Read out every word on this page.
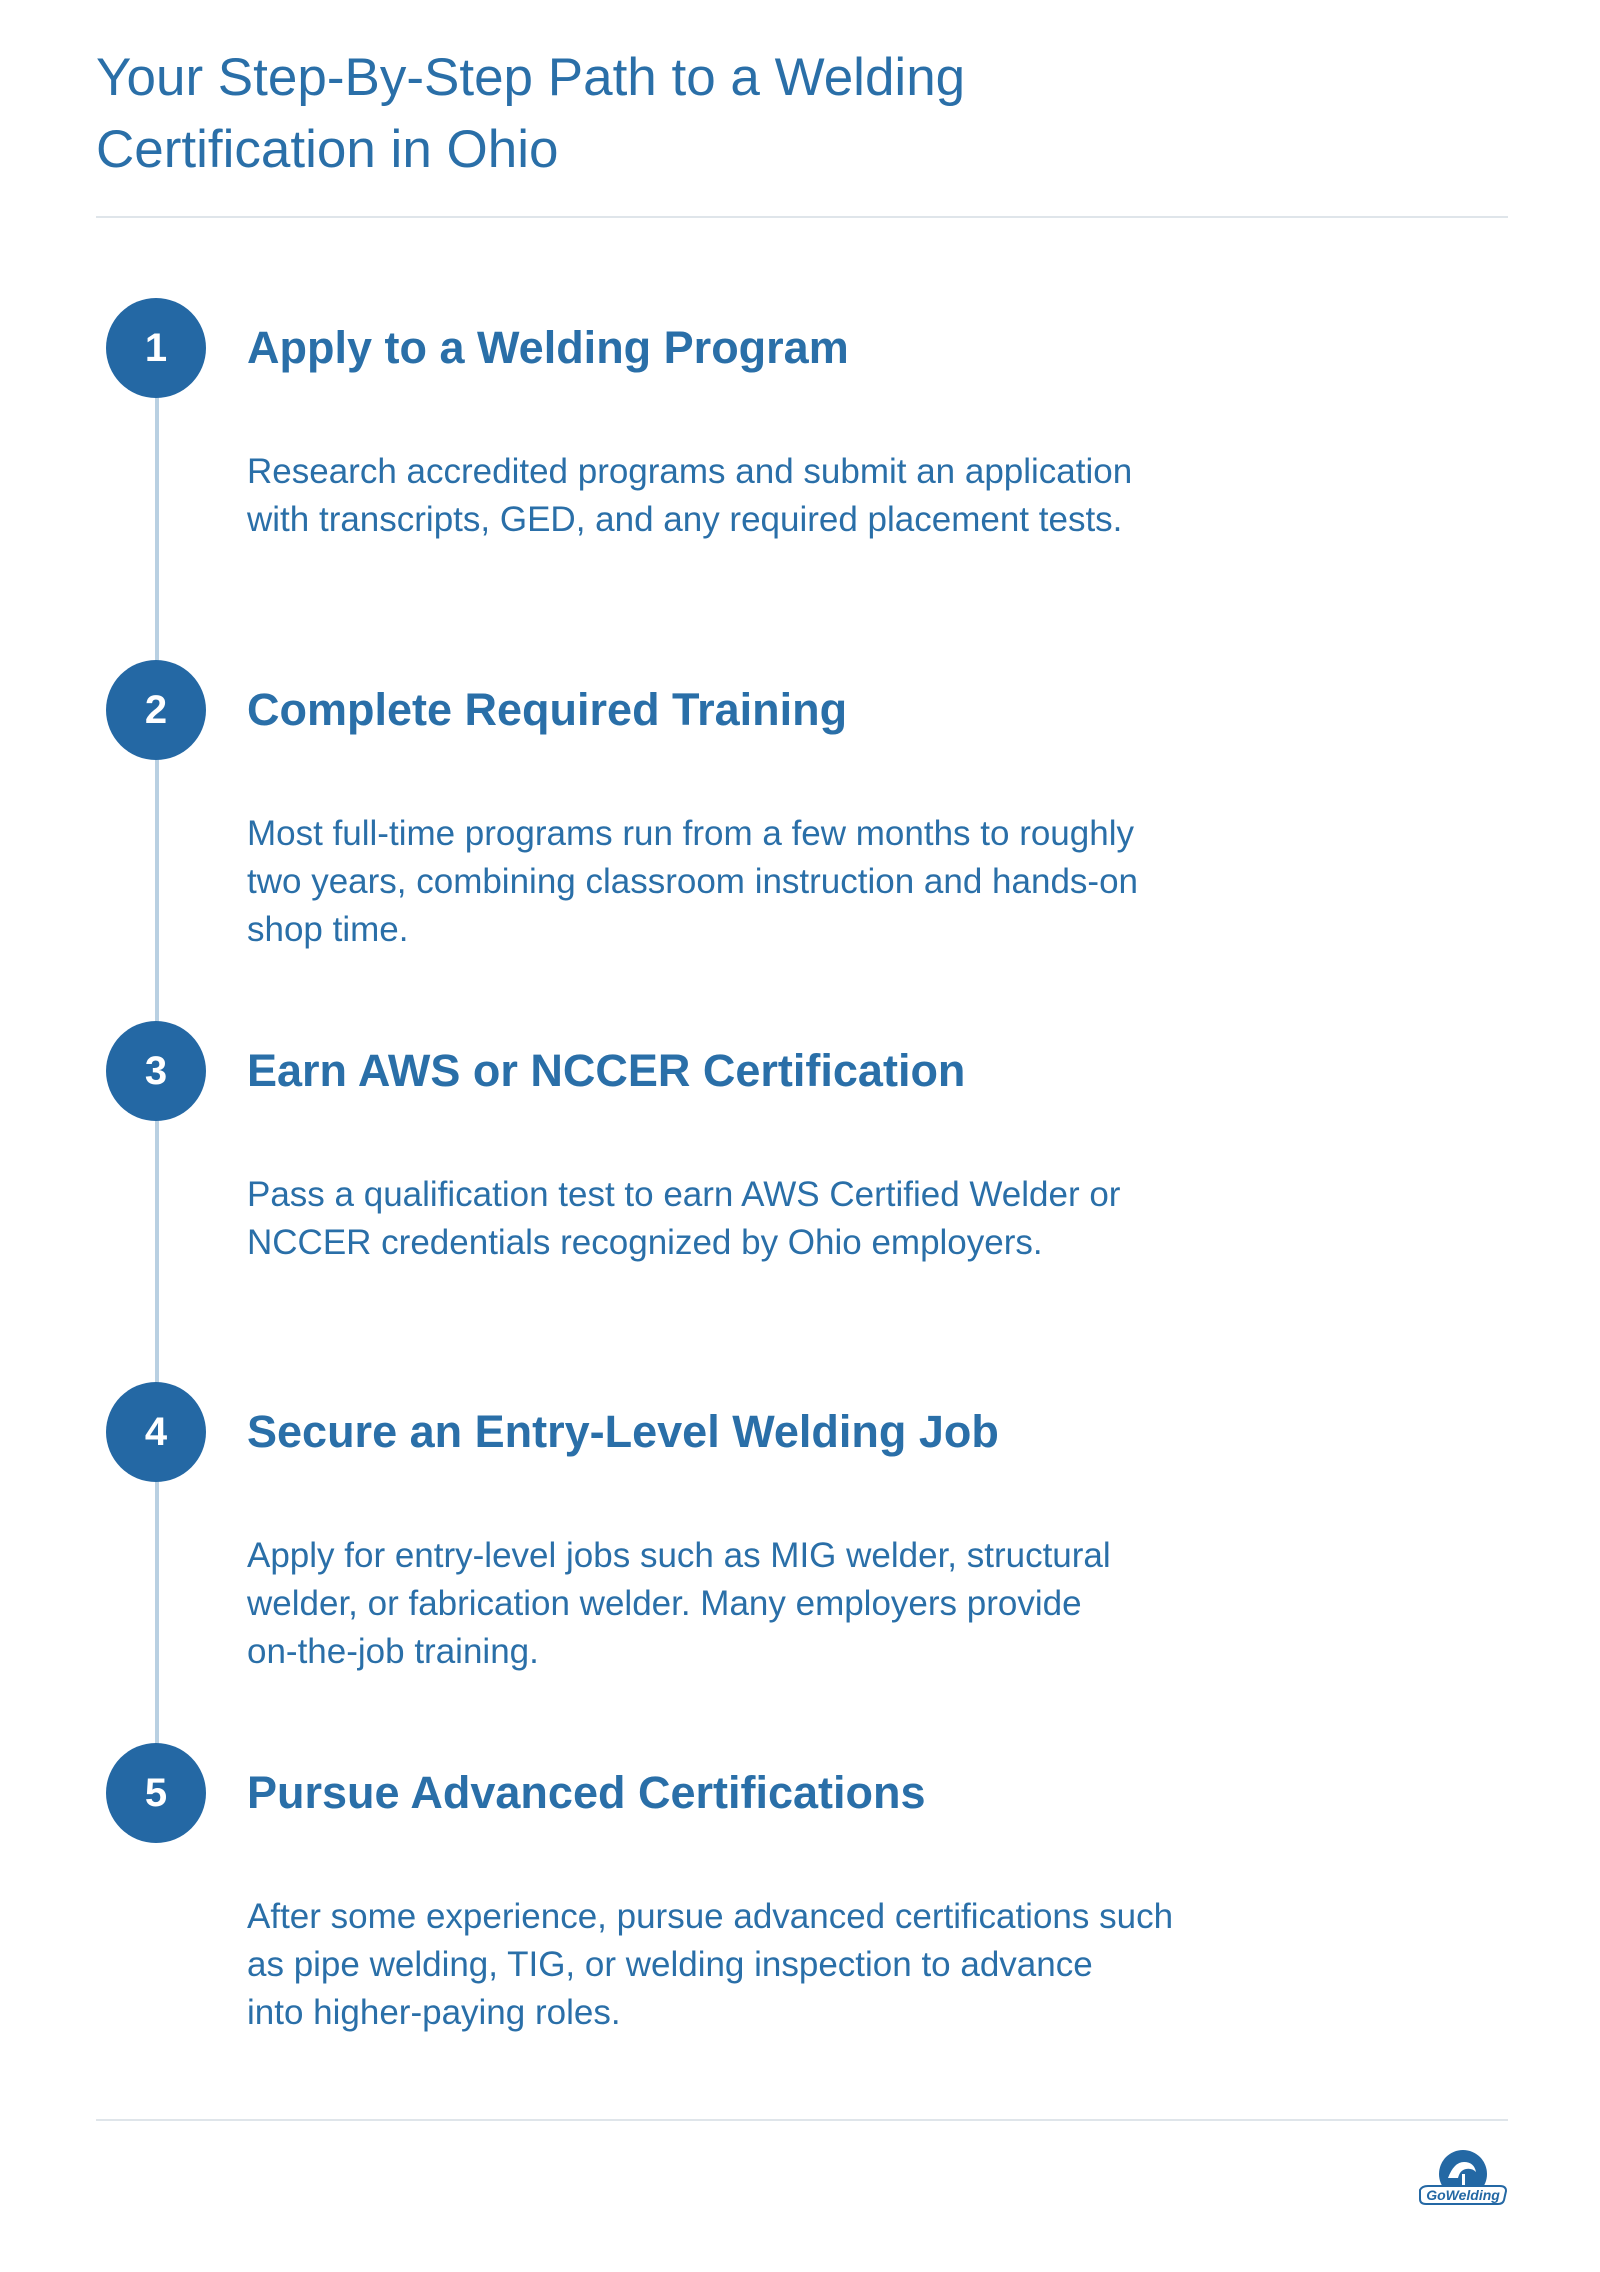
Your Step-By-Step Path to a Welding
Certification in Ohio
1	Apply to a Welding Program

Research accredited programs and submit an application
with transcripts, GED, and any required placement tests.

2	Complete Required Training

Most full-time programs run from a few months to roughly
two years, combining classroom instruction and hands-on
shop time.

3	Earn AWS or NCCER Certification

Pass a qualification test to earn AWS Certified Welder or
NCCER credentials recognized by Ohio employers.

4	Secure an Entry-Level Welding Job

Apply for entry-level jobs such as MIG welder, structural
welder, or fabrication welder. Many employers provide
on-the-job training.

5	Pursue Advanced Certifications

After some experience, pursue advanced certifications such
as pipe welding, TIG, or welding inspection to advance
into higher-paying roles.

GoWelding
